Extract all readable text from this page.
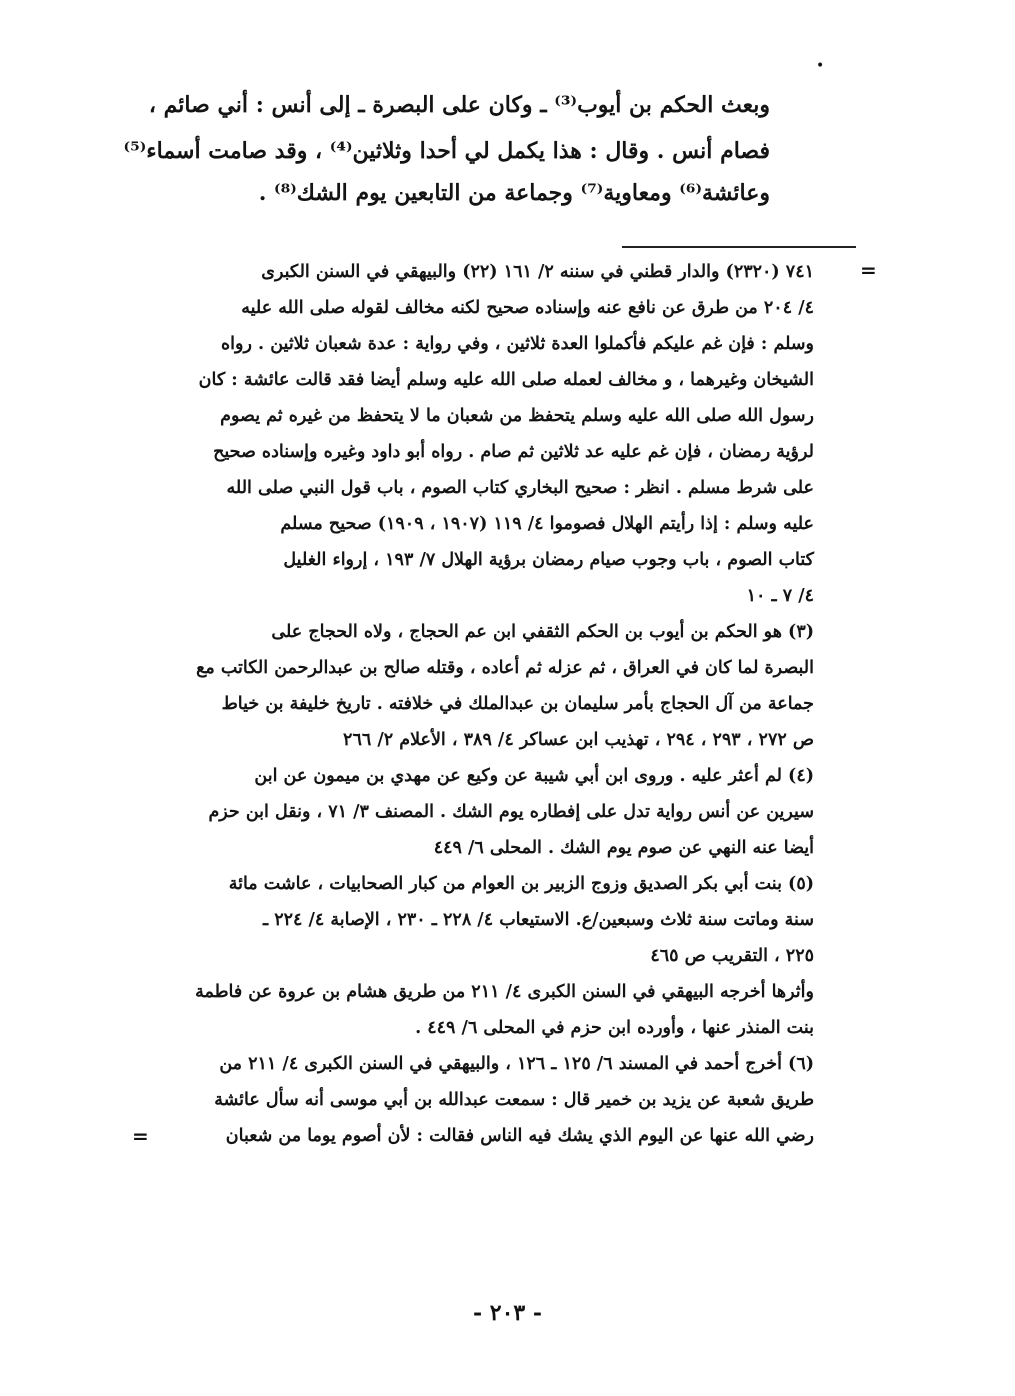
•
وبعث الحكم بن أيوب⁽³⁾ ـ وكان على البصرة ـ إلى أنس : أني صائم ،
فصام أنس . وقال : هذا يكمل لي أحدا وثلاثين⁽⁴⁾ ، وقد صامت أسماء⁽⁵⁾
وعائشة⁽⁶⁾ ومعاوية⁽⁷⁾ وجماعة من التابعين يوم الشك⁽⁸⁾ .
=
٧٤١ (٢٣٢٠) والدار قطني في سننه ٢/ ١٦١ (٢٢) والبيهقي في السنن الكبرى
٤/ ٢٠٤ من طرق عن نافع عنه وإسناده صحيح لكنه مخالف لقوله صلى الله عليه
وسلم : فإن غم عليكم فأكملوا العدة ثلاثين ، وفي رواية : عدة شعبان ثلاثين . رواه
الشيخان وغيرهما ، و مخالف لعمله صلى الله عليه وسلم أيضا فقد قالت عائشة : كان
رسول الله صلى الله عليه وسلم يتحفظ من شعبان ما لا يتحفظ من غيره ثم يصوم
لرؤية رمضان ، فإن غم عليه عد ثلاثين ثم صام . رواه أبو داود وغيره وإسناده صحيح
على شرط مسلم . انظر : صحيح البخاري كتاب الصوم ، باب قول النبي صلى الله
عليه وسلم : إذا رأيتم الهلال فصوموا ٤/ ١١٩ (١٩٠٧ ، ١٩٠٩) صحيح مسلم
كتاب الصوم ، باب وجوب صيام رمضان برؤية الهلال ٧/ ١٩٣ ، إرواء الغليل
٤/ ٧ ـ ١٠
(٣) هو الحكم بن أيوب بن الحكم الثقفي ابن عم الحجاج ، ولاه الحجاج على
البصرة لما كان في العراق ، ثم عزله ثم أعاده ، وقتله صالح بن عبدالرحمن الكاتب مع
جماعة من آل الحجاج بأمر سليمان بن عبدالملك في خلافته . تاريخ خليفة بن خياط
ص ٢٧٢ ، ٢٩٣ ، ٢٩٤ ، تهذيب ابن عساكر ٤/ ٣٨٩ ، الأعلام ٢/ ٢٦٦
(٤) لم أعثر عليه . وروى ابن أبي شيبة عن وكيع عن مهدي بن ميمون عن ابن
سيرين عن أنس رواية تدل على إفطاره يوم الشك . المصنف ٣/ ٧١ ، ونقل ابن حزم
أيضا عنه النهي عن صوم يوم الشك . المحلى ٦/ ٤٤٩
(٥) بنت أبي بكر الصديق وزوج الزبير بن العوام من كبار الصحابيات ، عاشت مائة
سنة وماتت سنة ثلاث وسبعين/ع. الاستيعاب ٤/ ٢٢٨ ـ ٢٣٠ ، الإصابة ٤/ ٢٢٤ ـ
٢٢٥ ، التقريب ص ٤٦٥
وأثرها أخرجه البيهقي في السنن الكبرى ٤/ ٢١١ من طريق هشام بن عروة عن فاطمة
بنت المنذر عنها ، وأورده ابن حزم في المحلى ٦/ ٤٤٩ .
(٦) أخرج أحمد في المسند ٦/ ١٢٥ ـ ١٢٦ ، والبيهقي في السنن الكبرى ٤/ ٢١١ من
طريق شعبة عن يزيد بن خمير قال : سمعت عبدالله بن أبي موسى أنه سأل عائشة
رضي الله عنها عن اليوم الذي يشك فيه الناس فقالت : لأن أصوم يوما من شعبان
=
- ٢٠٣ -
